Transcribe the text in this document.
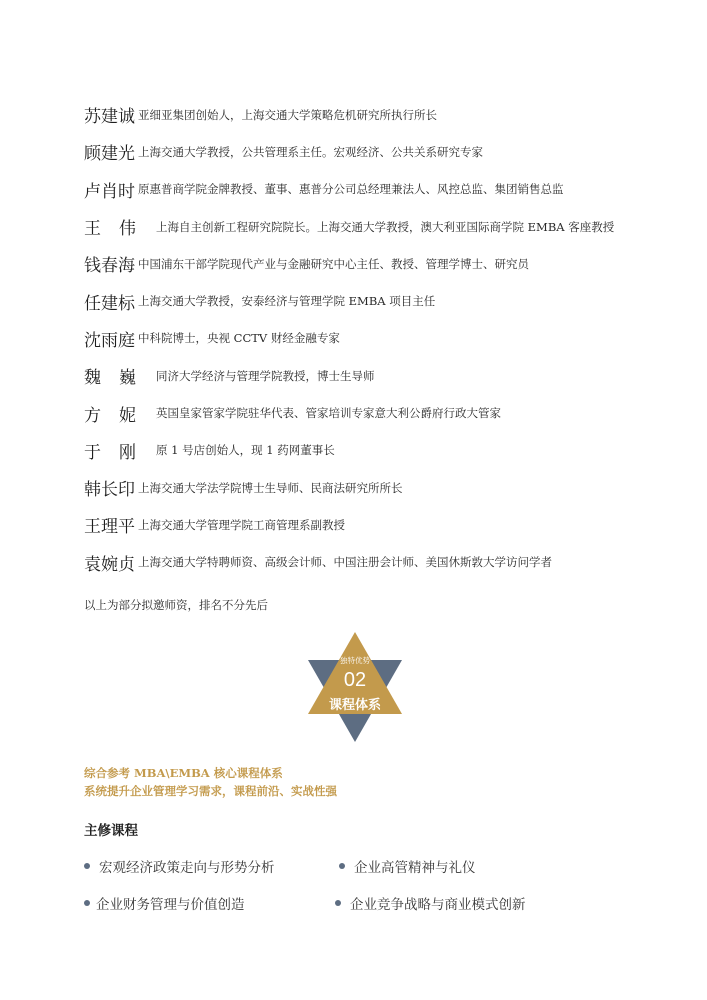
苏建诚 亚细亚集团创始人，上海交通大学策略危机研究所执行所长
顾建光 上海交通大学教授，公共管理系主任。宏观经济、公共关系研究专家
卢肖时 原惠普商学院金牌教授、董事、惠普分公司总经理兼法人、风控总监、集团销售总监
王伟 上海自主创新工程研究院院长。上海交通大学教授，澳大利亚国际商学院 EMBA 客座教授
钱春海 中国浦东干部学院现代产业与金融研究中心主任、教授、管理学博士、研究员
任建标 上海交通大学教授，安泰经济与管理学院 EMBA 项目主任
沈雨庭 中科院博士，央视 CCTV 财经金融专家
魏巍 同济大学经济与管理学院教授，博士生导师
方妮 英国皇家管家学院驻华代表、管家培训专家意大利公爵府行政大管家
于刚 原 1 号店创始人，现 1 药网董事长
韩长印 上海交通大学法学院博士生导师、民商法研究所所长
王理平 上海交通大学管理学院工商管理系副教授
袁婉贞 上海交通大学特聘师资、高级会计师、中国注册会计师、美国休斯敦大学访问学者
以上为部分拟邀师资，排名不分先后
独特优势
02
课程体系
综合参考 MBA\EMBA 核心课程体系
系统提升企业管理学习需求，课程前沿、实战性强
主修课程
宏观经济政策走向与形势分析	企业高管精神与礼仪
企业财务管理与价值创造	企业竞争战略与商业模式创新
